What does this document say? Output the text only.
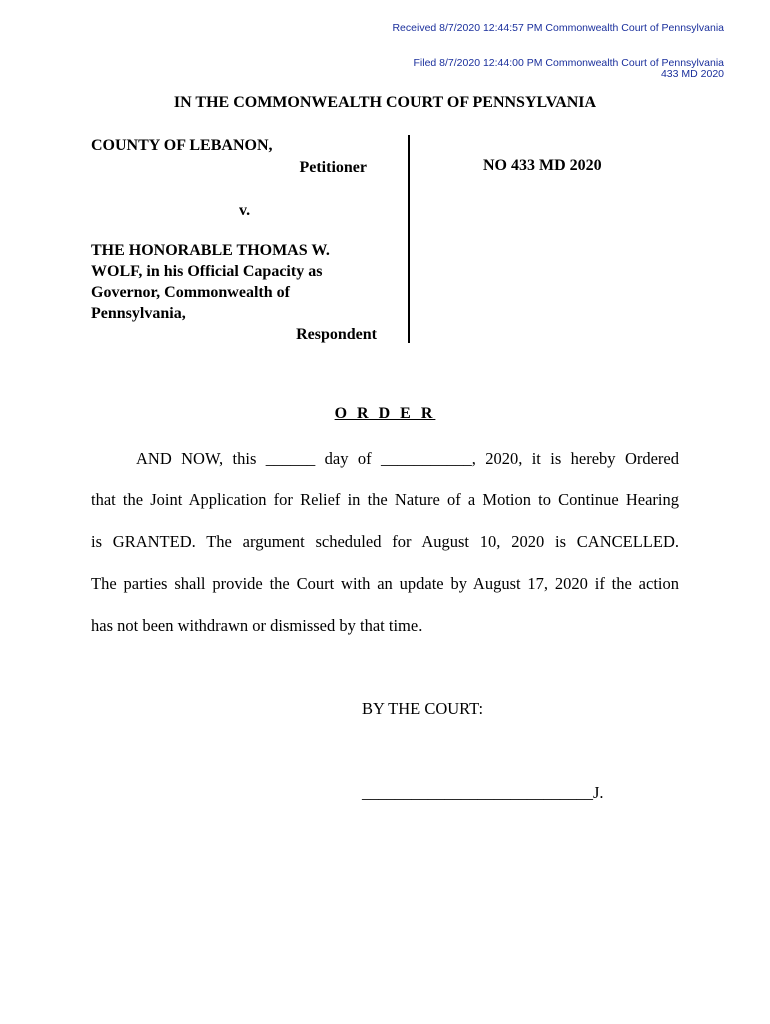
Received 8/7/2020 12:44:57 PM Commonwealth Court of Pennsylvania
Filed 8/7/2020 12:44:00 PM Commonwealth Court of Pennsylvania
433 MD 2020
IN THE COMMONWEALTH COURT OF PENNSYLVANIA
COUNTY OF LEBANON,
Petitioner
v.
THE HONORABLE THOMAS W.
WOLF, in his Official Capacity as
Governor, Commonwealth of
Pennsylvania,
Respondent
NO 433 MD 2020
O R D E R
AND NOW, this ______ day of ___________, 2020, it is hereby Ordered
that the Joint Application for Relief in the Nature of a Motion to Continue Hearing
is GRANTED. The argument scheduled for August 10, 2020 is CANCELLED.
The parties shall provide the Court with an update by August 17, 2020 if the action
has not been withdrawn or dismissed by that time.
BY THE COURT:
____________________________J.
